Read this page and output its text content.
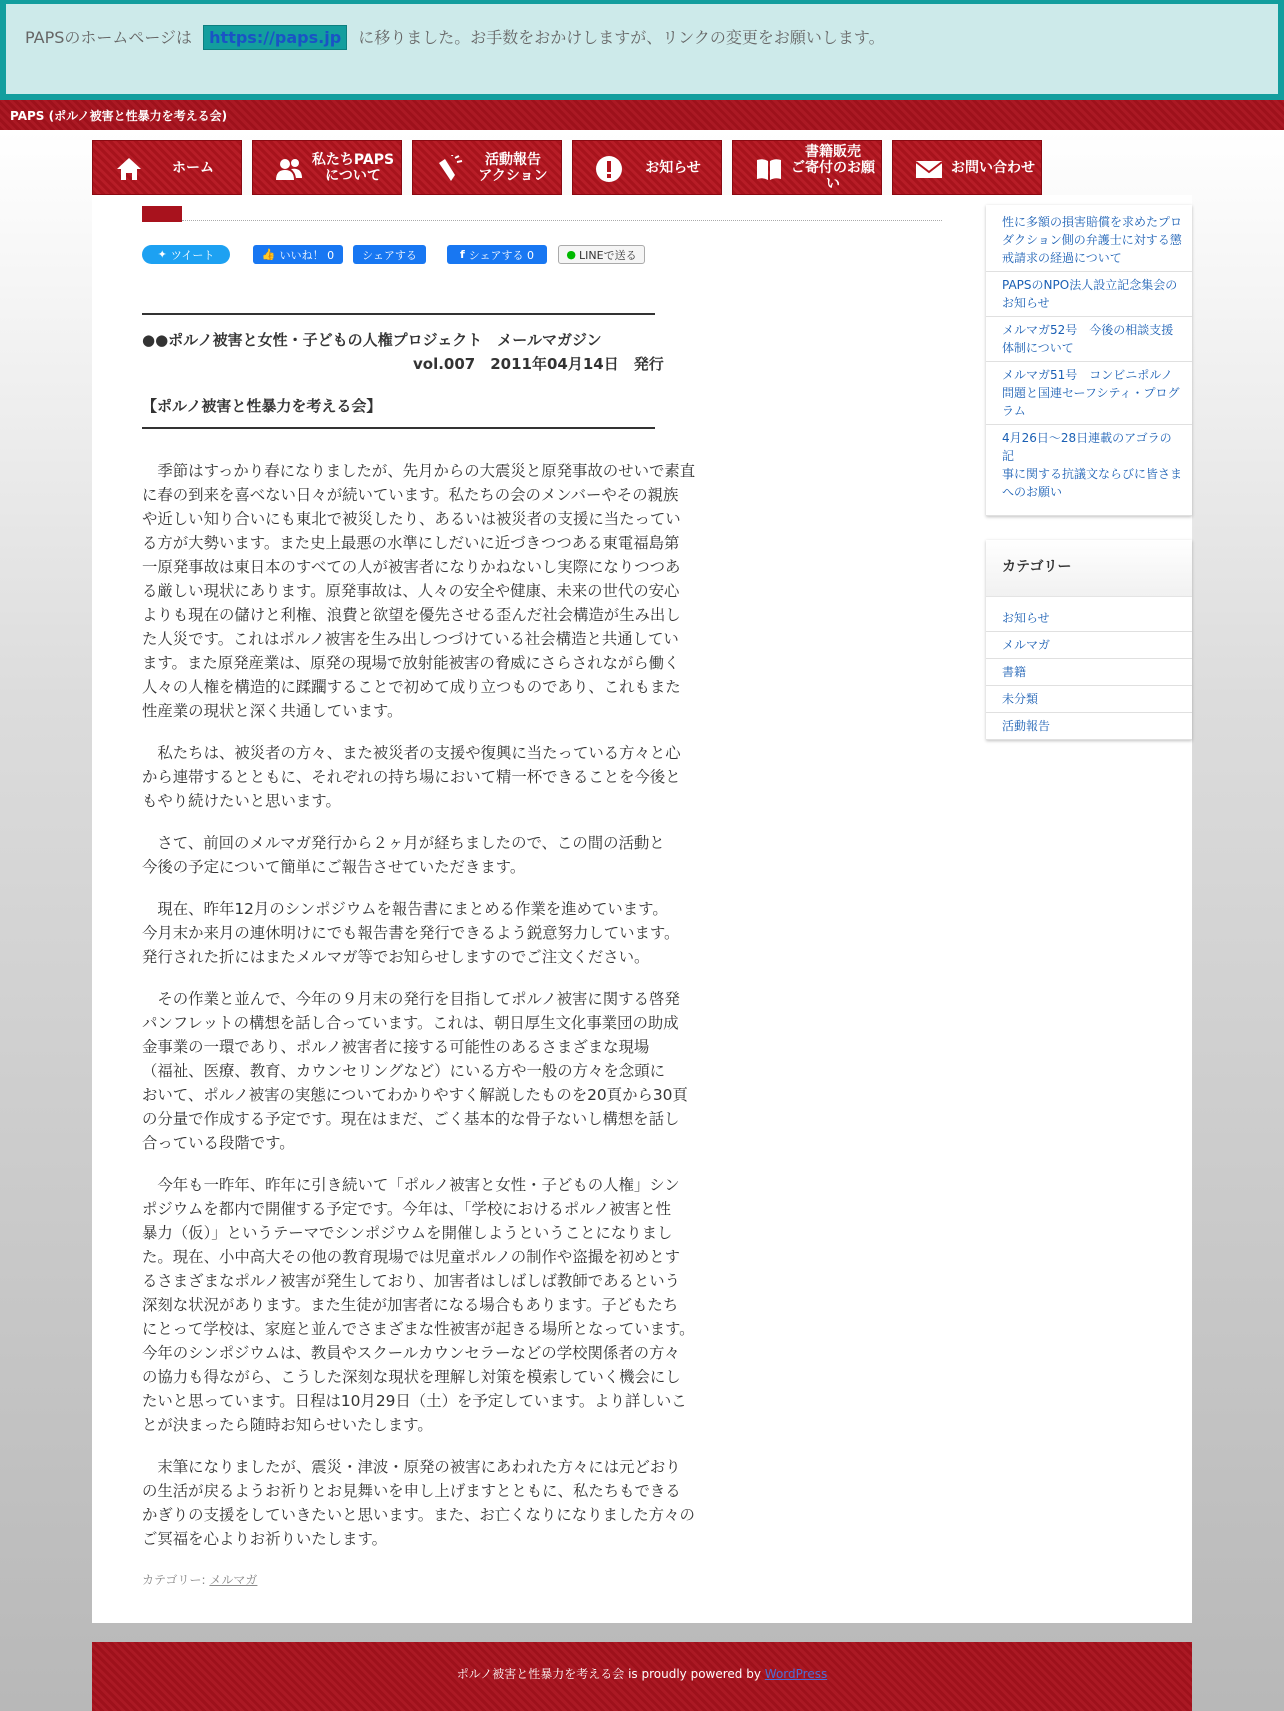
PAPSのホームページは https://paps.jp に移りました。お手数をおかけしますが、リンクの変更をお願いします。
PAPS (ポルノ被害と性暴力を考える会)
ホーム	私たちPAPS
について
活動報告
アクション	お知らせ
書籍販売
ご寄付のお願い
お問い合わせ
✦ ツイート	👍 いいね！ 0	シェアする	f シェアする 0	● LINEで送る
●●ポルノ被害と女性・子どもの人権プロジェクト　メールマガジン
vol.007　2011年04月14日　発行
【ポルノ被害と性暴力を考える会】

　季節はすっかり春になりましたが、先月からの大震災と原発事故のせいで素直
に春の到来を喜べない日々が続いています。私たちの会のメンバーやその親族
や近しい知り合いにも東北で被災したり、あるいは被災者の支援に当たってい
る方が大勢います。また史上最悪の水準にしだいに近づきつつある東電福島第
一原発事故は東日本のすべての人が被害者になりかねないし実際になりつつあ
る厳しい現状にあります。原発事故は、人々の安全や健康、未来の世代の安心
よりも現在の儲けと利権、浪費と欲望を優先させる歪んだ社会構造が生み出し
た人災です。これはポルノ被害を生み出しつづけている社会構造と共通してい
ます。また原発産業は、原発の現場で放射能被害の脅威にさらされながら働く
人々の人権を構造的に蹂躙することで初めて成り立つものであり、これもまた
性産業の現状と深く共通しています。

　私たちは、被災者の方々、また被災者の支援や復興に当たっている方々と心
から連帯するとともに、それぞれの持ち場において精一杯できることを今後と
もやり続けたいと思います。

　さて、前回のメルマガ発行から２ヶ月が経ちましたので、この間の活動と
今後の予定について簡単にご報告させていただきます。

　現在、昨年12月のシンポジウムを報告書にまとめる作業を進めています。
今月末か来月の連休明けにでも報告書を発行できるよう鋭意努力しています。
発行された折にはまたメルマガ等でお知らせしますのでご注文ください。

　その作業と並んで、今年の９月末の発行を目指してポルノ被害に関する啓発
パンフレットの構想を話し合っています。これは、朝日厚生文化事業団の助成
金事業の一環であり、ポルノ被害者に接する可能性のあるさまざまな現場
（福祉、医療、教育、カウンセリングなど）にいる方や一般の方々を念頭に
おいて、ポルノ被害の実態についてわかりやすく解説したものを20頁から30頁
の分量で作成する予定です。現在はまだ、ごく基本的な骨子ないし構想を話し
合っている段階です。

　今年も一昨年、昨年に引き続いて「ポルノ被害と女性・子どもの人権」シン
ポジウムを都内で開催する予定です。今年は、「学校におけるポルノ被害と性
暴力（仮）」というテーマでシンポジウムを開催しようということになりまし
た。現在、小中高大その他の教育現場では児童ポルノの制作や盗撮を初めとす
るさまざまなポルノ被害が発生しており、加害者はしばしば教師であるという
深刻な状況があります。また生徒が加害者になる場合もあります。子どもたち
にとって学校は、家庭と並んでさまざまな性被害が起きる場所となっています。
今年のシンポジウムは、教員やスクールカウンセラーなどの学校関係者の方々
の協力も得ながら、こうした深刻な現状を理解し対策を模索していく機会にし
たいと思っています。日程は10月29日（土）を予定しています。より詳しいこ
とが決まったら随時お知らせいたします。

　末筆になりましたが、震災・津波・原発の被害にあわれた方々には元どおり
の生活が戻るようお祈りとお見舞いを申し上げますとともに、私たちもできる
かぎりの支援をしていきたいと思います。また、お亡くなりになりました方々の
ご冥福を心よりお祈りいたします。

カテゴリー: メルマガ
性に多額の損害賠償を求めたプロ
ダクション側の弁護士に対する懲
戒請求の経過について
PAPSのNPO法人設立記念集会の
お知らせ
メルマガ52号　今後の相談支援
体制について
メルマガ51号　コンビニポルノ
問題と国連セーフシティ・プログ
ラム
4月26日〜28日連載のアゴラの記
事に関する抗議文ならびに皆さま
へのお願い
カテゴリー
お知らせ
メルマガ
書籍
未分類
活動報告
ポルノ被害と性暴力を考える会 is proudly powered by WordPress
